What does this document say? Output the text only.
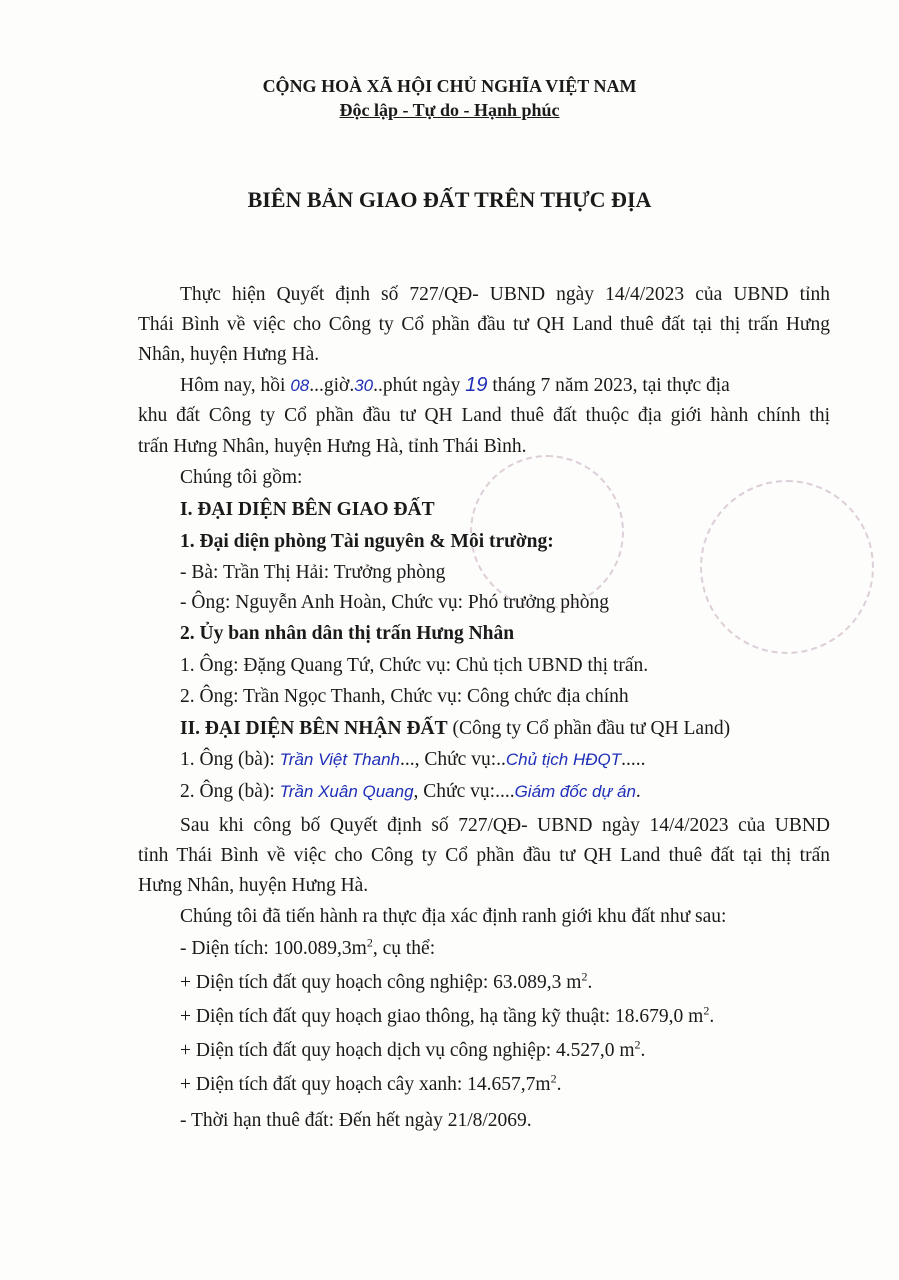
CỘNG HOÀ XÃ HỘI CHỦ NGHĨA VIỆT NAM
Độc lập - Tự do - Hạnh phúc
BIÊN BẢN GIAO ĐẤT TRÊN THỰC ĐỊA
Thực hiện Quyết định số 727/QĐ- UBND ngày 14/4/2023 của UBND tỉnh
Thái Bình về việc cho Công ty Cổ phần đầu tư QH Land thuê đất tại thị trấn Hưng
Nhân, huyện Hưng Hà.
Hôm nay, hồi 08...giờ.30..phút ngày 19 tháng 7 năm 2023, tại thực địa
khu đất Công ty Cổ phần đầu tư QH Land thuê đất thuộc địa giới hành chính thị
trấn Hưng Nhân, huyện Hưng Hà, tỉnh Thái Bình.
Chúng tôi gồm:
I. ĐẠI DIỆN BÊN GIAO ĐẤT
1. Đại diện phòng Tài nguyên & Môi trường:
- Bà: Trần Thị Hải: Trưởng phòng
- Ông: Nguyễn Anh Hoàn, Chức vụ: Phó trưởng phòng
2. Ủy ban nhân dân thị trấn Hưng Nhân
1. Ông: Đặng Quang Tứ, Chức vụ: Chủ tịch UBND thị trấn.
2. Ông: Trần Ngọc Thanh, Chức vụ: Công chức địa chính
II. ĐẠI DIỆN BÊN NHẬN ĐẤT (Công ty Cổ phần đầu tư QH Land)
1. Ông (bà): Trần Việt Thanh..., Chức vụ:..Chủ tịch HĐQT.....
2. Ông (bà): Trần Xuân Quang, Chức vụ:....Giám đốc dự án.
Sau khi công bố Quyết định số 727/QĐ- UBND ngày 14/4/2023 của UBND
tỉnh Thái Bình về việc cho Công ty Cổ phần đầu tư QH Land thuê đất tại thị trấn
Hưng Nhân, huyện Hưng Hà.
Chúng tôi đã tiến hành ra thực địa xác định ranh giới khu đất như sau:
- Diện tích: $100.089,3m^2$, cụ thể:
+ Diện tích đất quy hoạch công nghiệp: 63.089,3 $m^2$.
+ Diện tích đất quy hoạch giao thông, hạ tầng kỹ thuật: 18.679,0 $m^2$.
+ Diện tích đất quy hoạch dịch vụ công nghiệp: 4.527,0 $m^2$.
+ Diện tích đất quy hoạch cây xanh: $14.657,7m^2$.
- Thời hạn thuê đất: Đến hết ngày 21/8/2069.
